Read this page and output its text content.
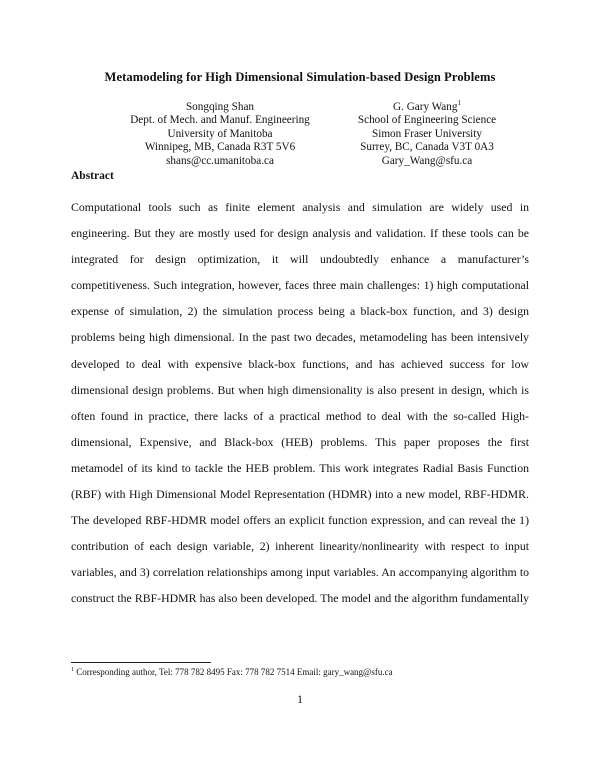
Metamodeling for High Dimensional Simulation-based Design Problems
Songqing Shan
Dept. of Mech. and Manuf. Engineering
University of Manitoba
Winnipeg, MB, Canada R3T 5V6
shans@cc.umanitoba.ca
G. Gary Wang$^1$
School of Engineering Science
Simon Fraser University
Surrey, BC, Canada V3T 0A3
Gary_Wang@sfu.ca
Abstract

Computational tools such as finite element analysis and simulation are widely used in engineering. But they are mostly used for design analysis and validation. If these tools can be integrated for design optimization, it will undoubtedly enhance a manufacturer’s competitiveness. Such integration, however, faces three main challenges: 1) high computational expense of simulation, 2) the simulation process being a black-box function, and 3) design problems being high dimensional. In the past two decades, metamodeling has been intensively developed to deal with expensive black-box functions, and has achieved success for low dimensional design problems. But when high dimensionality is also present in design, which is often found in practice, there lacks of a practical method to deal with the so-called High-dimensional, Expensive, and Black-box (HEB) problems. This paper proposes the first metamodel of its kind to tackle the HEB problem. This work integrates Radial Basis Function (RBF) with High Dimensional Model Representation (HDMR) into a new model, RBF-HDMR. The developed RBF-HDMR model offers an explicit function expression, and can reveal the 1) contribution of each design variable, 2) inherent linearity/nonlinearity with respect to input variables, and 3) correlation relationships among input variables. An accompanying algorithm to construct the RBF-HDMR has also been developed. The model and the algorithm fundamentally

$^1$ Corresponding author, Tel: 778 782 8495 Fax: 778 782 7514 Email: gary_wang@sfu.ca
1
